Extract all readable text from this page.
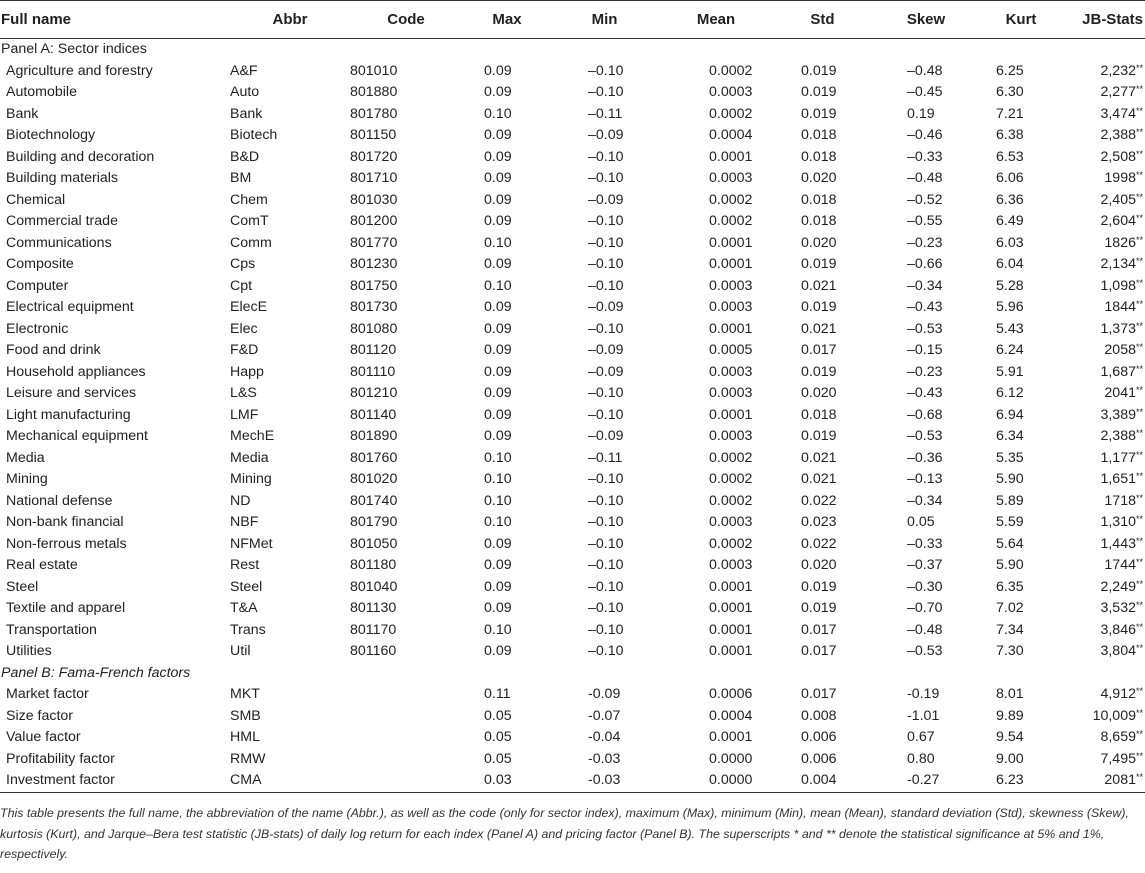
Full name	Abbr	Code	Max	Min	Mean	Std	Skew	Kurt	JB-Stats
Panel A: Sector indices									
Agriculture and forestry	A&F	801010	0.09	–0.10	0.0002	0.019	–0.48	6.25	2,232**
Automobile	Auto	801880	0.09	–0.10	0.0003	0.019	–0.45	6.30	2,277**
Bank	Bank	801780	0.10	–0.11	0.0002	0.019	0.19	7.21	3,474**
Biotechnology	Biotech	801150	0.09	–0.09	0.0004	0.018	–0.46	6.38	2,388**
Building and decoration	B&D	801720	0.09	–0.10	0.0001	0.018	–0.33	6.53	2,508**
Building materials	BM	801710	0.09	–0.10	0.0003	0.020	–0.48	6.06	1998**
Chemical	Chem	801030	0.09	–0.09	0.0002	0.018	–0.52	6.36	2,405**
Commercial trade	ComT	801200	0.09	–0.10	0.0002	0.018	–0.55	6.49	2,604**
Communications	Comm	801770	0.10	–0.10	0.0001	0.020	–0.23	6.03	1826**
Composite	Cps	801230	0.09	–0.10	0.0001	0.019	–0.66	6.04	2,134**
Computer	Cpt	801750	0.10	–0.10	0.0003	0.021	–0.34	5.28	1,098**
Electrical equipment	ElecE	801730	0.09	–0.09	0.0003	0.019	–0.43	5.96	1844**
Electronic	Elec	801080	0.09	–0.10	0.0001	0.021	–0.53	5.43	1,373**
Food and drink	F&D	801120	0.09	–0.09	0.0005	0.017	–0.15	6.24	2058**
Household appliances	Happ	801110	0.09	–0.09	0.0003	0.019	–0.23	5.91	1,687**
Leisure and services	L&S	801210	0.09	–0.10	0.0003	0.020	–0.43	6.12	2041**
Light manufacturing	LMF	801140	0.09	–0.10	0.0001	0.018	–0.68	6.94	3,389**
Mechanical equipment	MechE	801890	0.09	–0.09	0.0003	0.019	–0.53	6.34	2,388**
Media	Media	801760	0.10	–0.11	0.0002	0.021	–0.36	5.35	1,177**
Mining	Mining	801020	0.10	–0.10	0.0002	0.021	–0.13	5.90	1,651**
National defense	ND	801740	0.10	–0.10	0.0002	0.022	–0.34	5.89	1718**
Non-bank financial	NBF	801790	0.10	–0.10	0.0003	0.023	0.05	5.59	1,310**
Non-ferrous metals	NFMet	801050	0.09	–0.10	0.0002	0.022	–0.33	5.64	1,443**
Real estate	Rest	801180	0.09	–0.10	0.0003	0.020	–0.37	5.90	1744**
Steel	Steel	801040	0.09	–0.10	0.0001	0.019	–0.30	6.35	2,249**
Textile and apparel	T&A	801130	0.09	–0.10	0.0001	0.019	–0.70	7.02	3,532**
Transportation	Trans	801170	0.10	–0.10	0.0001	0.017	–0.48	7.34	3,846**
Utilities	Util	801160	0.09	–0.10	0.0001	0.017	–0.53	7.30	3,804**
Panel B: Fama-French factors									
Market factor	MKT		0.11	-0.09	0.0006	0.017	-0.19	8.01	4,912**
Size factor	SMB		0.05	-0.07	0.0004	0.008	-1.01	9.89	10,009**
Value factor	HML		0.05	-0.04	0.0001	0.006	0.67	9.54	8,659**
Profitability factor	RMW		0.05	-0.03	0.0000	0.006	0.80	9.00	7,495**
Investment factor	CMA		0.03	-0.03	0.0000	0.004	-0.27	6.23	2081**
This table presents the full name, the abbreviation of the name (Abbr.), as well as the code (only for sector index), maximum (Max), minimum (Min), mean (Mean), standard deviation (Std), skewness (Skew), kurtosis (Kurt), and Jarque–Bera test statistic (JB-stats) of daily log return for each index (Panel A) and pricing factor (Panel B). The superscripts * and ** denote the statistical significance at 5% and 1%, respectively.
